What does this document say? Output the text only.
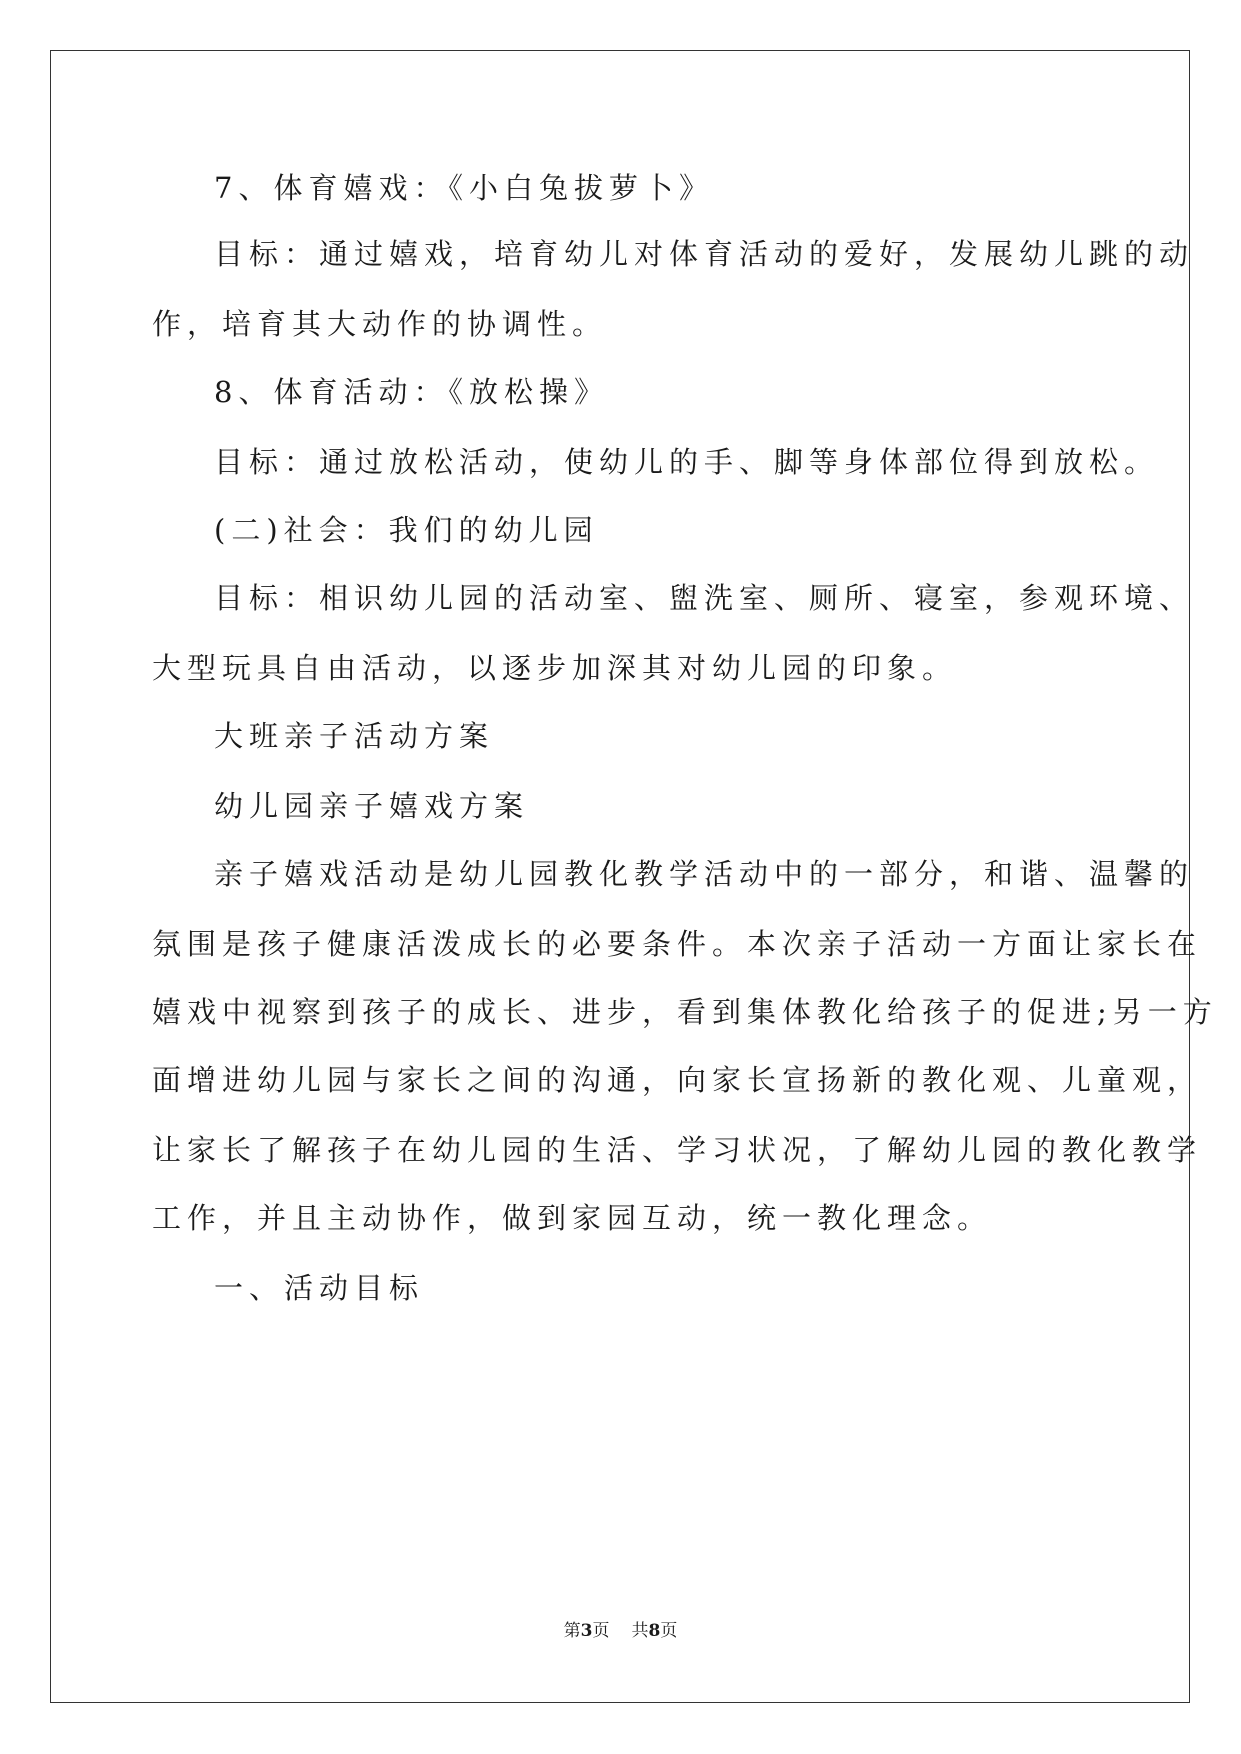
7、体育嬉戏：《小白兔拔萝卜》
目标：通过嬉戏，培育幼儿对体育活动的爱好，发展幼儿跳的动
作，培育其大动作的协调性。
8、体育活动：《放松操》
目标：通过放松活动，使幼儿的手、脚等身体部位得到放松。
(二)社会：我们的幼儿园
目标：相识幼儿园的活动室、盥洗室、厕所、寝室，参观环境、
大型玩具自由活动，以逐步加深其对幼儿园的印象。
大班亲子活动方案
幼儿园亲子嬉戏方案
亲子嬉戏活动是幼儿园教化教学活动中的一部分，和谐、温馨的
氛围是孩子健康活泼成长的必要条件。本次亲子活动一方面让家长在
嬉戏中视察到孩子的成长、进步，看到集体教化给孩子的促进;另一方
面增进幼儿园与家长之间的沟通，向家长宣扬新的教化观、儿童观，
让家长了解孩子在幼儿园的生活、学习状况，了解幼儿园的教化教学
工作，并且主动协作，做到家园互动，统一教化理念。
一、活动目标
第3页 共8页
